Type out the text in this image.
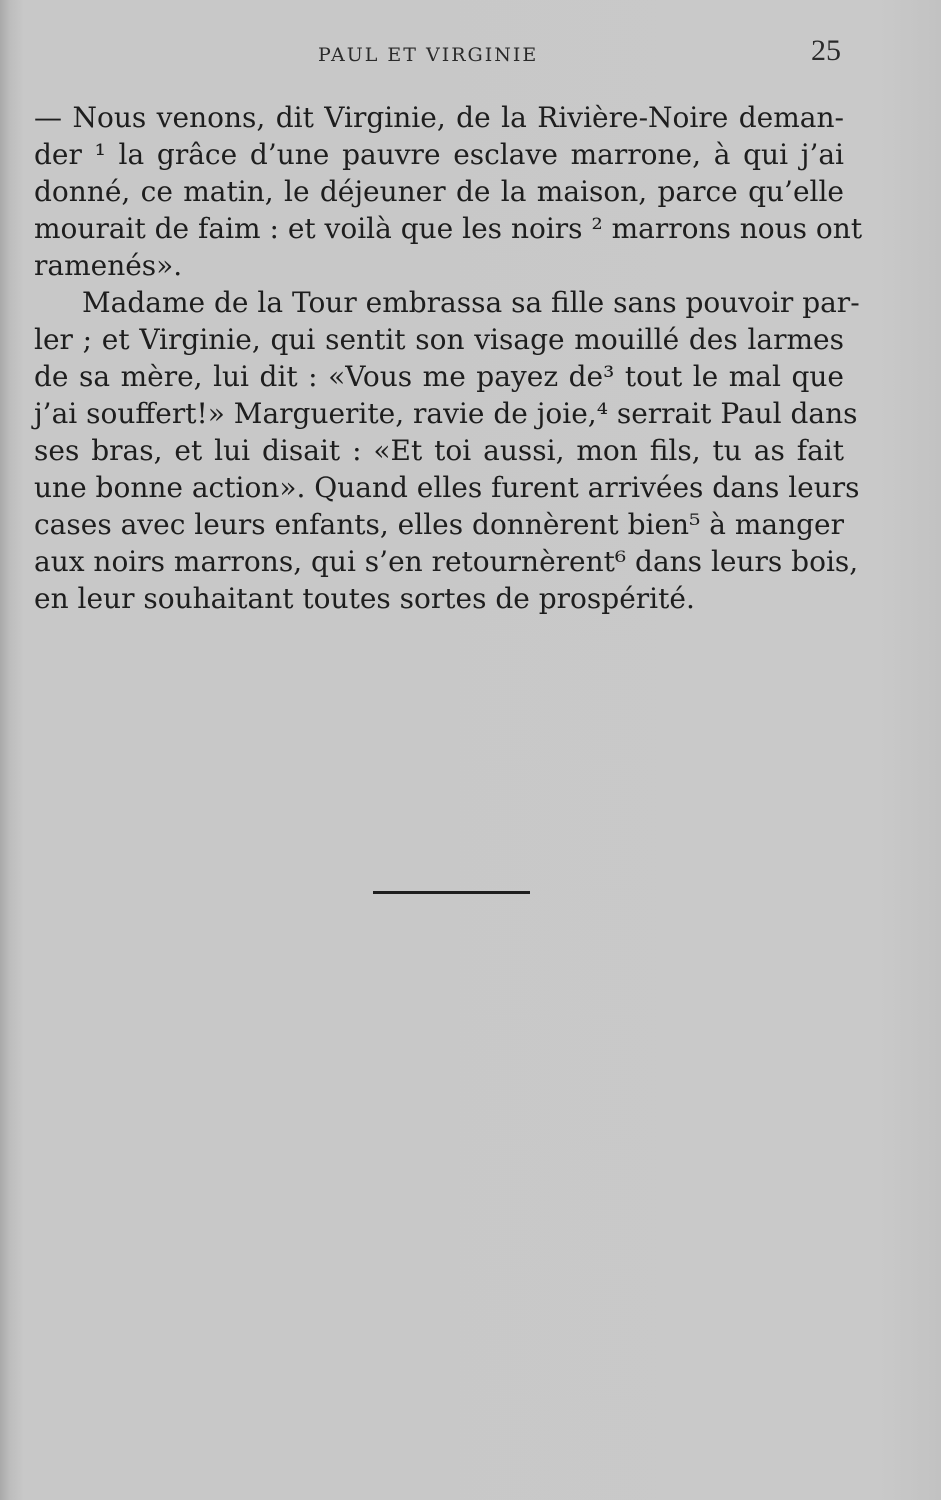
PAUL ET VIRGINIE	25
— Nous venons, dit Virginie, de la Rivière-Noire deman-
der ¹ la grâce d’une pauvre esclave marrone, à qui j’ai
donné, ce matin, le déjeuner de la maison, parce qu’elle
mourait de faim : et voilà que les noirs ² marrons nous ont
ramenés».
Madame de la Tour embrassa sa fille sans pouvoir par-
ler ; et Virginie, qui sentit son visage mouillé des larmes
de sa mère, lui dit : «Vous me payez de³ tout le mal que
j’ai souffert!» Marguerite, ravie de joie,⁴ serrait Paul dans
ses bras, et lui disait : «Et toi aussi, mon fils, tu as fait
une bonne action». Quand elles furent arrivées dans leurs
cases avec leurs enfants, elles donnèrent bien⁵ à manger
aux noirs marrons, qui s’en retournèrent⁶ dans leurs bois,
en leur souhaitant toutes sortes de prospérité.
